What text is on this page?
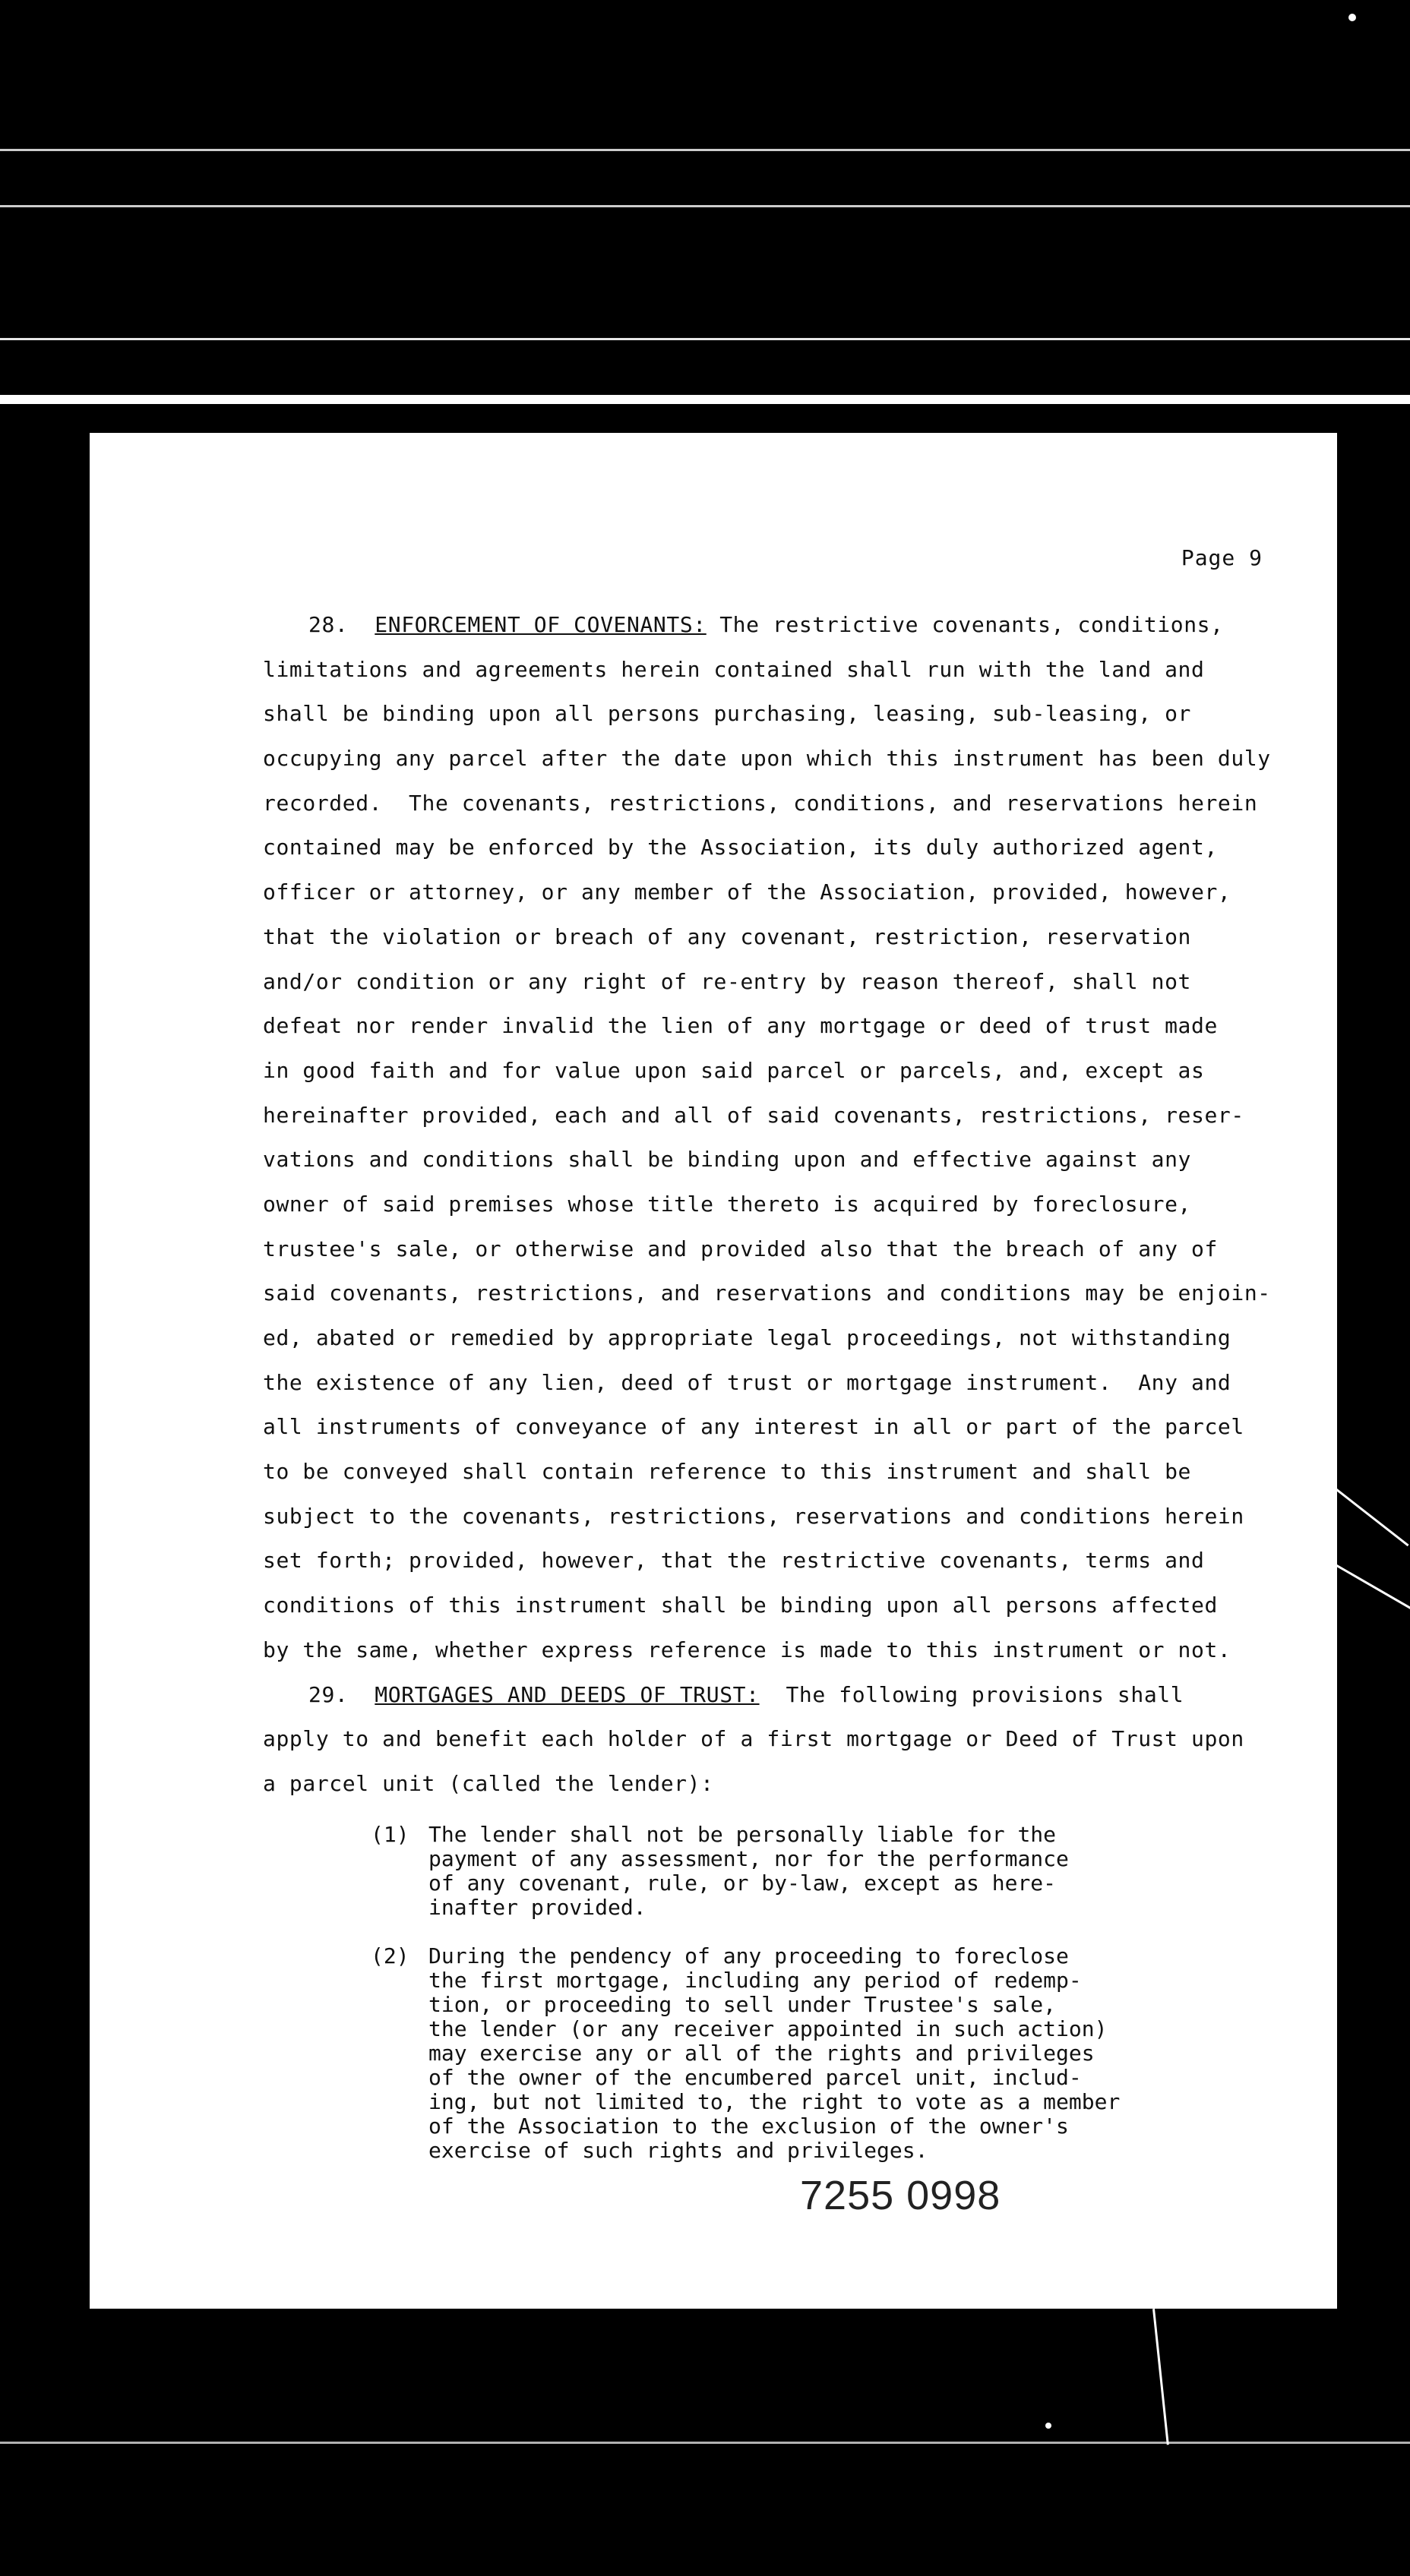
Page 9
28. ENFORCEMENT OF COVENANTS: The restrictive covenants, conditions,
limitations and agreements herein contained shall run with the land and
shall be binding upon all persons purchasing, leasing, sub-leasing, or
occupying any parcel after the date upon which this instrument has been duly
recorded.  The covenants, restrictions, conditions, and reservations herein
contained may be enforced by the Association, its duly authorized agent,
officer or attorney, or any member of the Association, provided, however,
that the violation or breach of any covenant, restriction, reservation
and/or condition or any right of re-entry by reason thereof, shall not
defeat nor render invalid the lien of any mortgage or deed of trust made
in good faith and for value upon said parcel or parcels, and, except as
hereinafter provided, each and all of said covenants, restrictions, reser-
vations and conditions shall be binding upon and effective against any
owner of said premises whose title thereto is acquired by foreclosure,
trustee's sale, or otherwise and provided also that the breach of any of
said covenants, restrictions, and reservations and conditions may be enjoin-
ed, abated or remedied by appropriate legal proceedings, not withstanding
the existence of any lien, deed of trust or mortgage instrument.  Any and
all instruments of conveyance of any interest in all or part of the parcel
to be conveyed shall contain reference to this instrument and shall be
subject to the covenants, restrictions, reservations and conditions herein
set forth; provided, however, that the restrictive covenants, terms and
conditions of this instrument shall be binding upon all persons affected
by the same, whether express reference is made to this instrument or not.
29. MORTGAGES AND DEEDS OF TRUST:  The following provisions shall
apply to and benefit each holder of a first mortgage or Deed of Trust upon
a parcel unit (called the lender):
(1) The lender shall not be personally liable for the
payment of any assessment, nor for the performance
of any covenant, rule, or by-law, except as here-
inafter provided.
(2) During the pendency of any proceeding to foreclose
the first mortgage, including any period of redemp-
tion, or proceeding to sell under Trustee's sale,
the lender (or any receiver appointed in such action)
may exercise any or all of the rights and privileges
of the owner of the encumbered parcel unit, includ-
ing, but not limited to, the right to vote as a member
of the Association to the exclusion of the owner's
exercise of such rights and privileges.
7255 0998
